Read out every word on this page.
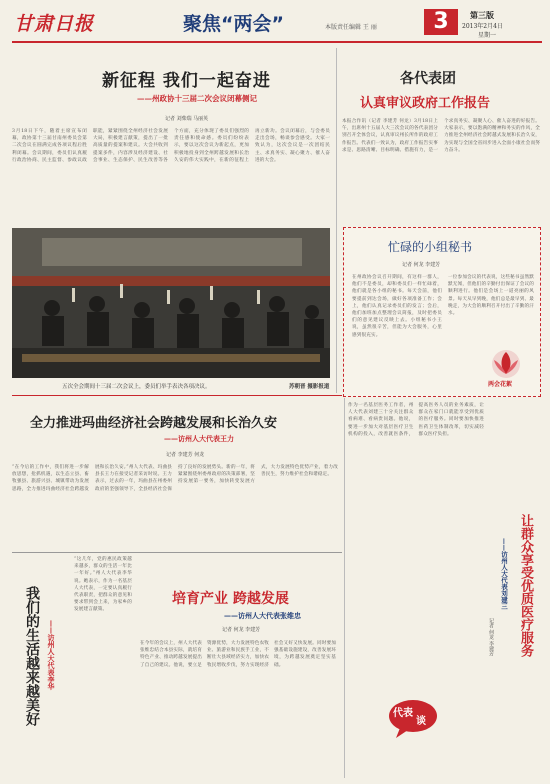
甘肃日报	聚焦“两会”	本版责任编辑 王 丽	3	第三版
2013年2月4日
星期一
新征程 我们一起奋进
——州政协十三届二次会议闭幕侧记
记者 刘柴瑞 马丽英
3月18日下午，随着主席宣布闭幕，政协第十三届甘南州委员会第二次会议在圆满完成各项议程后胜利闭幕。会议期间，委员们认真履行政治协商、民主监督、参政议政职能，紧紧围绕全州经济社会发展大局，积极建言献策，提出了一批高质量的提案和建议。大会共收到提案多件，内容涉及经济建设、社会事业、生态保护、民生改善等各个方面，充分体现了委员们强烈的责任感和使命感。委员们纷纷表示，要以这次会议为新起点，更加积极地投身到全州跨越发展和长治久安的伟大实践中，在新的征程上再立新功。会议闭幕后，与会委员走出会场，畅谈参会感受。大家一致认为，这次会议是一次团结民主、求真务实、凝心聚力、催人奋进的大会。
五次全会期间十三届二次会议上，委员们举手表决各项决议。	苏朝晋 摄影报道
各代表团
认真审议政府工作报告
本报合作讯（记者 李建芳 何龙）3月18日上午，出席州十五届人大三次会议的各代表团分别召开全体会议，认真审议州长所作的政府工作报告。代表们一致认为，政府工作报告实事求是、思路清晰、目标明确、措施有力，是一个求真务实、凝聚人心、催人奋进的好报告。大家表示，要以饱满的精神和务实的作风，全力推进全州经济社会跨越式发展和长治久安，为实现与全国全省同步进入全面小康社会而努力奋斗。
忙碌的小组秘书
记者 何龙 李建芳
在州政协会议召开期间，有这样一群人，他们不是委员，却和委员们一样忙碌着，他们就是各小组的秘书。每天会前，他们要提前到达会场，做好各项准备工作；会上，他们认真记录委员们的发言；会后，他们加班加点整理会议简报，及时把委员们的意见建议反映上去。小组秘书小王说，虽然很辛苦，但能为大会服务，心里感到很充实。
一位参加会议的代表说，这些秘书虽然默默无闻，但他们的辛勤付出保证了会议的顺利进行。他们是会场上一道亮丽的风景。每天从早到晚，他们总是最早到、最晚走，为大会的顺利召开付出了辛勤的汗水。
两会花絮
全力推进玛曲经济社会跨越发展和长治久安
——访州人大代表王力
记者 李建芳 何龙
“在今后的工作中，我们将进一步解放思想，抢抓机遇，以生态立县、畜牧强县、旅游兴县、城镇带动为发展思路，全力推进玛曲经济社会跨越发展和长治久安。”州人大代表、玛曲县县长王力在接受记者采访时说。王力表示，过去的一年，玛曲县在州委州政府的坚强领导下，全县经济社会保持了良好的发展势头。新的一年，将紧紧围绕州委州政府的决策部署，坚持发展第一要务，加快转变发展方式，大力发展特色优势产业，着力改善民生，努力维护社会和谐稳定。
我们的生活越来越美好 ——访州人大代表李华
“这几年，党的惠民政策越来越多，群众的生活一年比一年好。”州人大代表李华说。她表示，作为一名基层人大代表，一定要认真履行代表职责，把群众的意见和要求带到会上来，为家乡的发展建言献策。
培育产业 跨越发展
——访州人大代表张维忠
记者 何龙 李建芳
在今年的会议上，州人大代表张维忠结合本县实际，就培育特色产业、推动跨越发展提出了自己的建议。他说，要立足资源优势，大力发展特色农牧业、旅游业和民族手工业，不断壮大县域经济实力，加快农牧民增收步伐，努力实现经济社会又好又快发展。同时要加强基础设施建设，改善发展环境，为跨越发展奠定坚实基础。
作为一名基层医务工作者，州人大代表刘建三十分关注群众看病难、看病贵问题。他说，要进一步加大对基层医疗卫生机构的投入，改善就医条件，提高医务人员的业务素质，让群众在家门口就能享受到优质的医疗服务。同时要加快推进医药卫生体制改革，切实减轻群众医疗负担。
让群众享受优质医疗服务
——访州人大代表刘建三
记者 何龙 李建芳
代表
谈
